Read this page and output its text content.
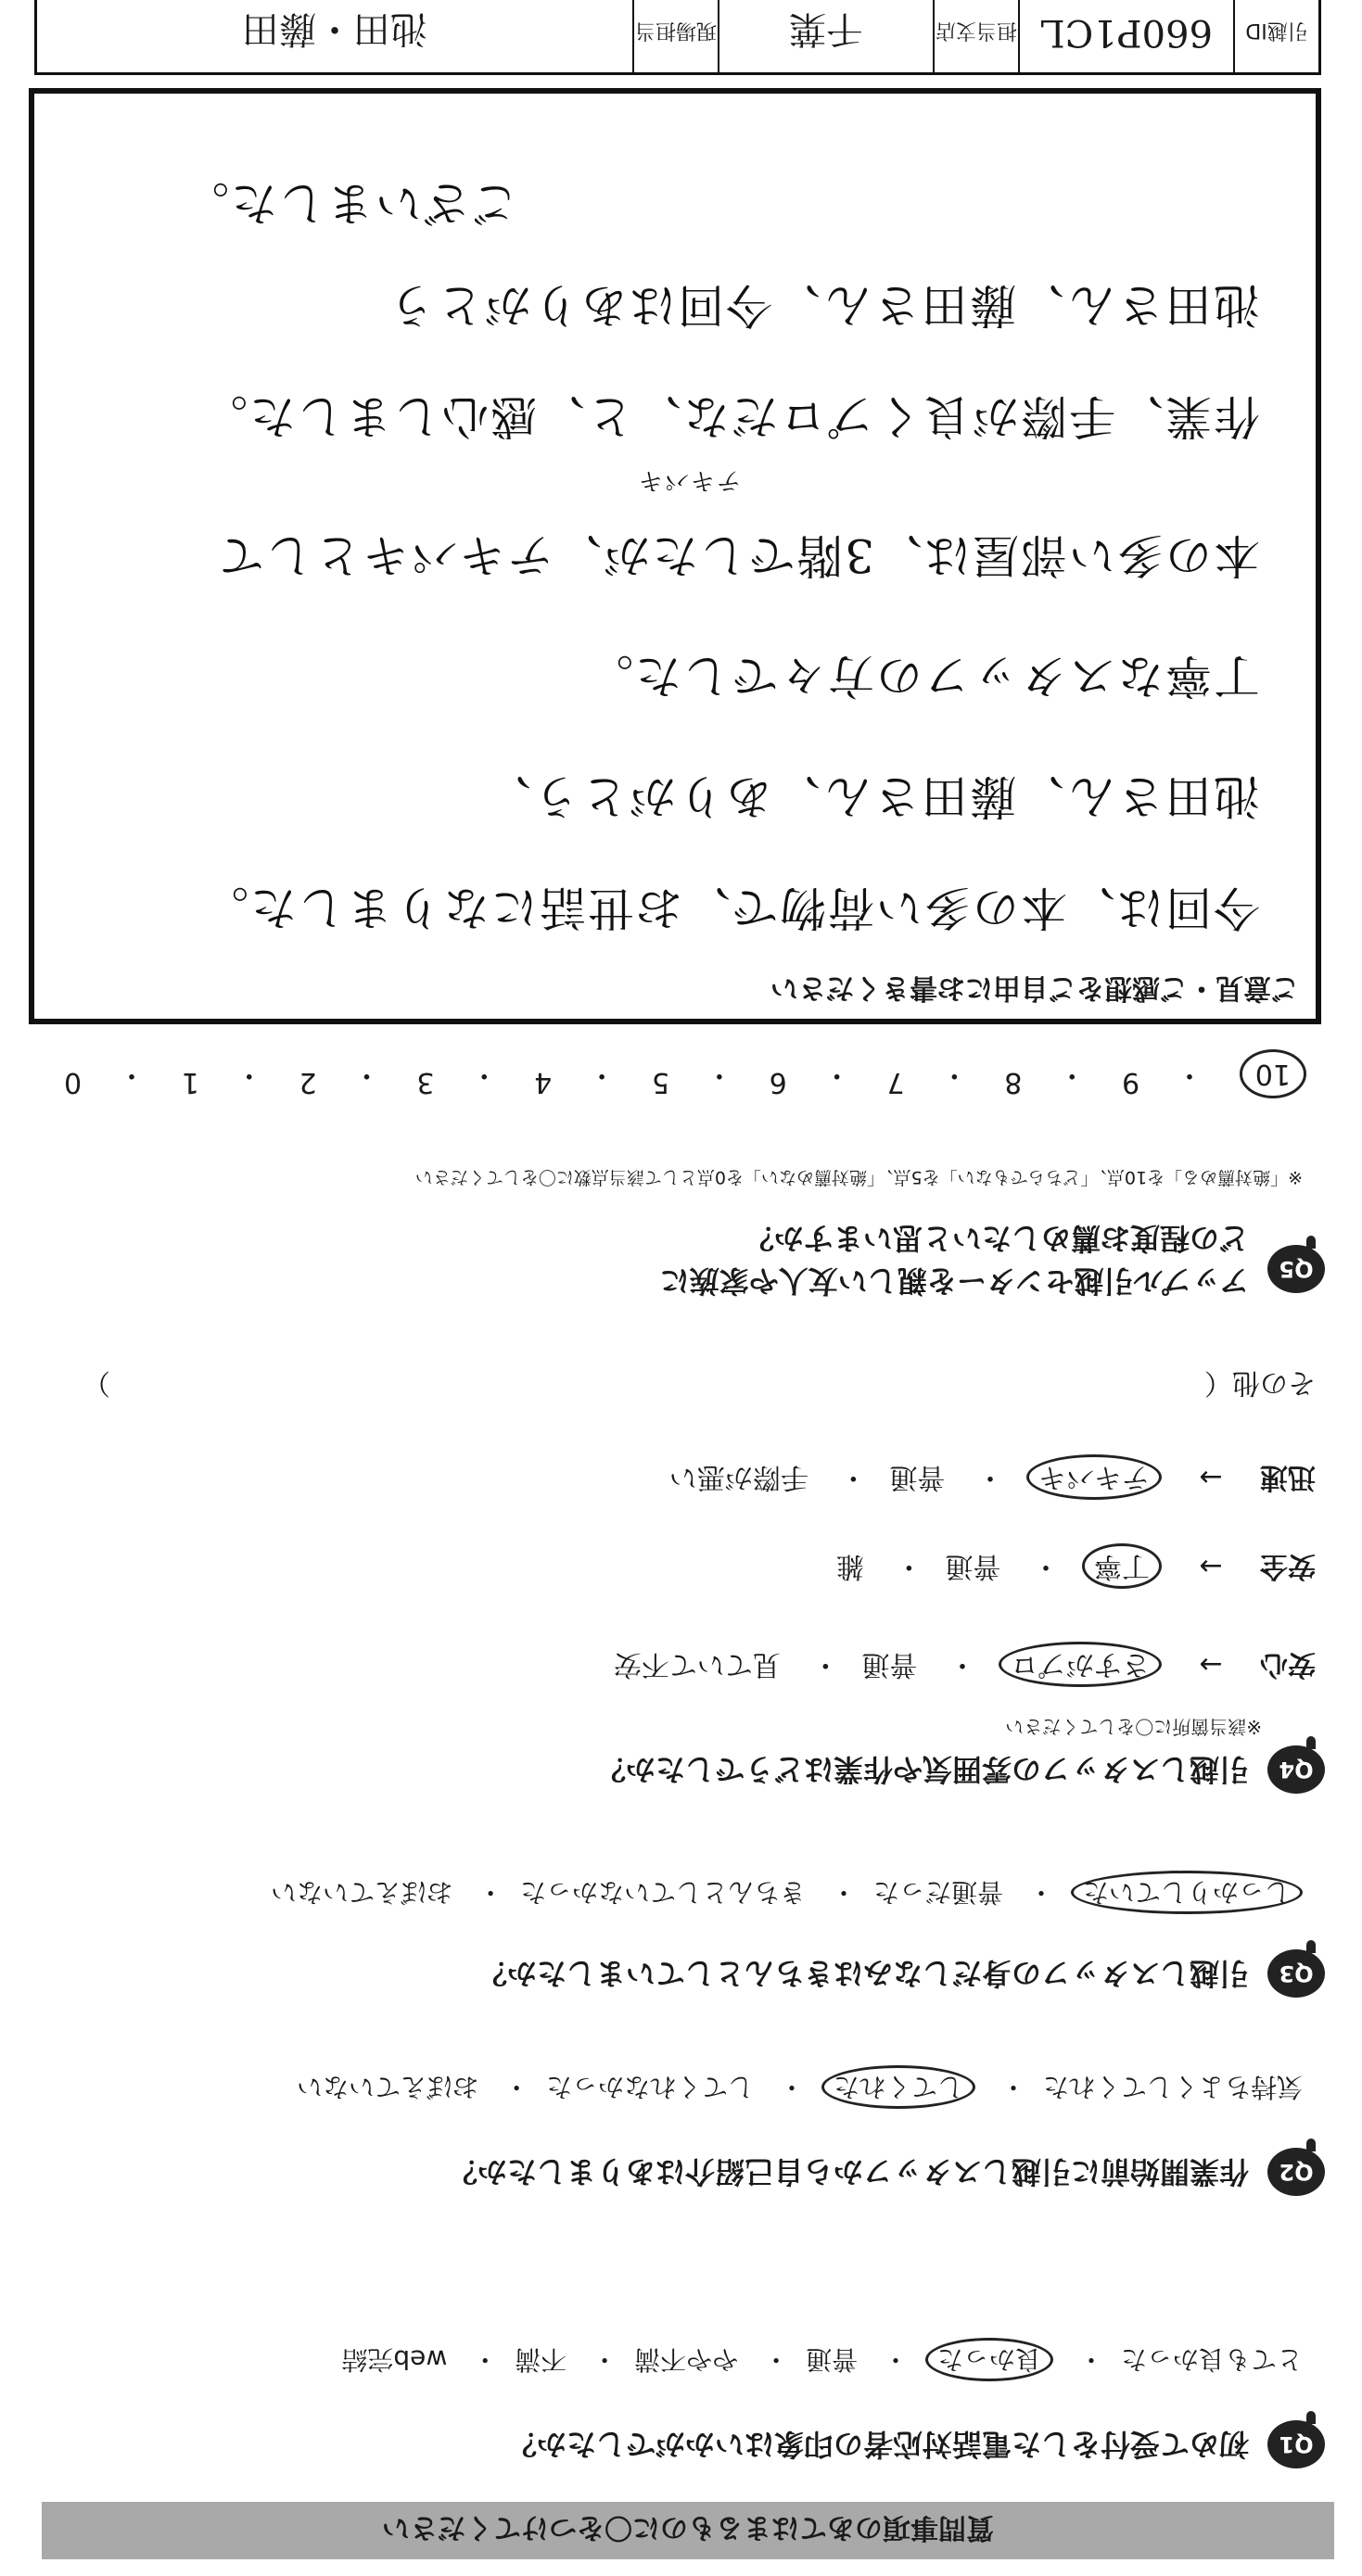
質問事項のあてはまるものに〇をつけてください
Q1
初めて受付をした電話対応者の印象はいかがでしたか？
とても良かった・ 良かった・ 普通・ やや不満・ 不満・ web完結
Q2
作業開始前に引越しスタッフから自己紹介はありましたか？
気持ちよくしてくれた・ してくれた・ してくれなかった・ おぼえていない
Q3
引越しスタッフの身だしなみはきちんとしていましたか？
しっかりしていた・ 普通だった・ きちんとしていなかった・ おぼえていない
Q4
引越しスタッフの雰囲気や作業はどうでしたか？
※該当箇所に〇をしてください
安心 → さすがプロ・ 普通・ 見ていて不安
安全 → 丁寧・ 普通・ 雑
迅速 → テキパキ・ 普通・ 手際が悪い
その他（
）
Q5
アップル引越センターを親しい友人や家族に
どの程度お薦めしたいと思いますか？
※「絶対薦める」を10点、「どちらでもない」を5点、「絶対薦めない」を0点として該当点数に〇をしてください
10
・
9
・
8
・
7
・
6
・
5
・
4
・
3
・
2
・
1
・
0
ご意見・ご感想をご自由にお書きください
今回は、本の多い荷物で、お世話になりました。
池田さん、藤田さん、ありがとう、
丁寧なスタッフの方々でした。
本の多い部屋は、3階でしたが、テキパキとして
テキパキ
作業、手際が良くプロだな、と、感心しました。
池田さん、藤田さん、今回はありがとう
ございました。
引越ID
660P1CL
担当支店
千葉
現場担当
池田・藤田
